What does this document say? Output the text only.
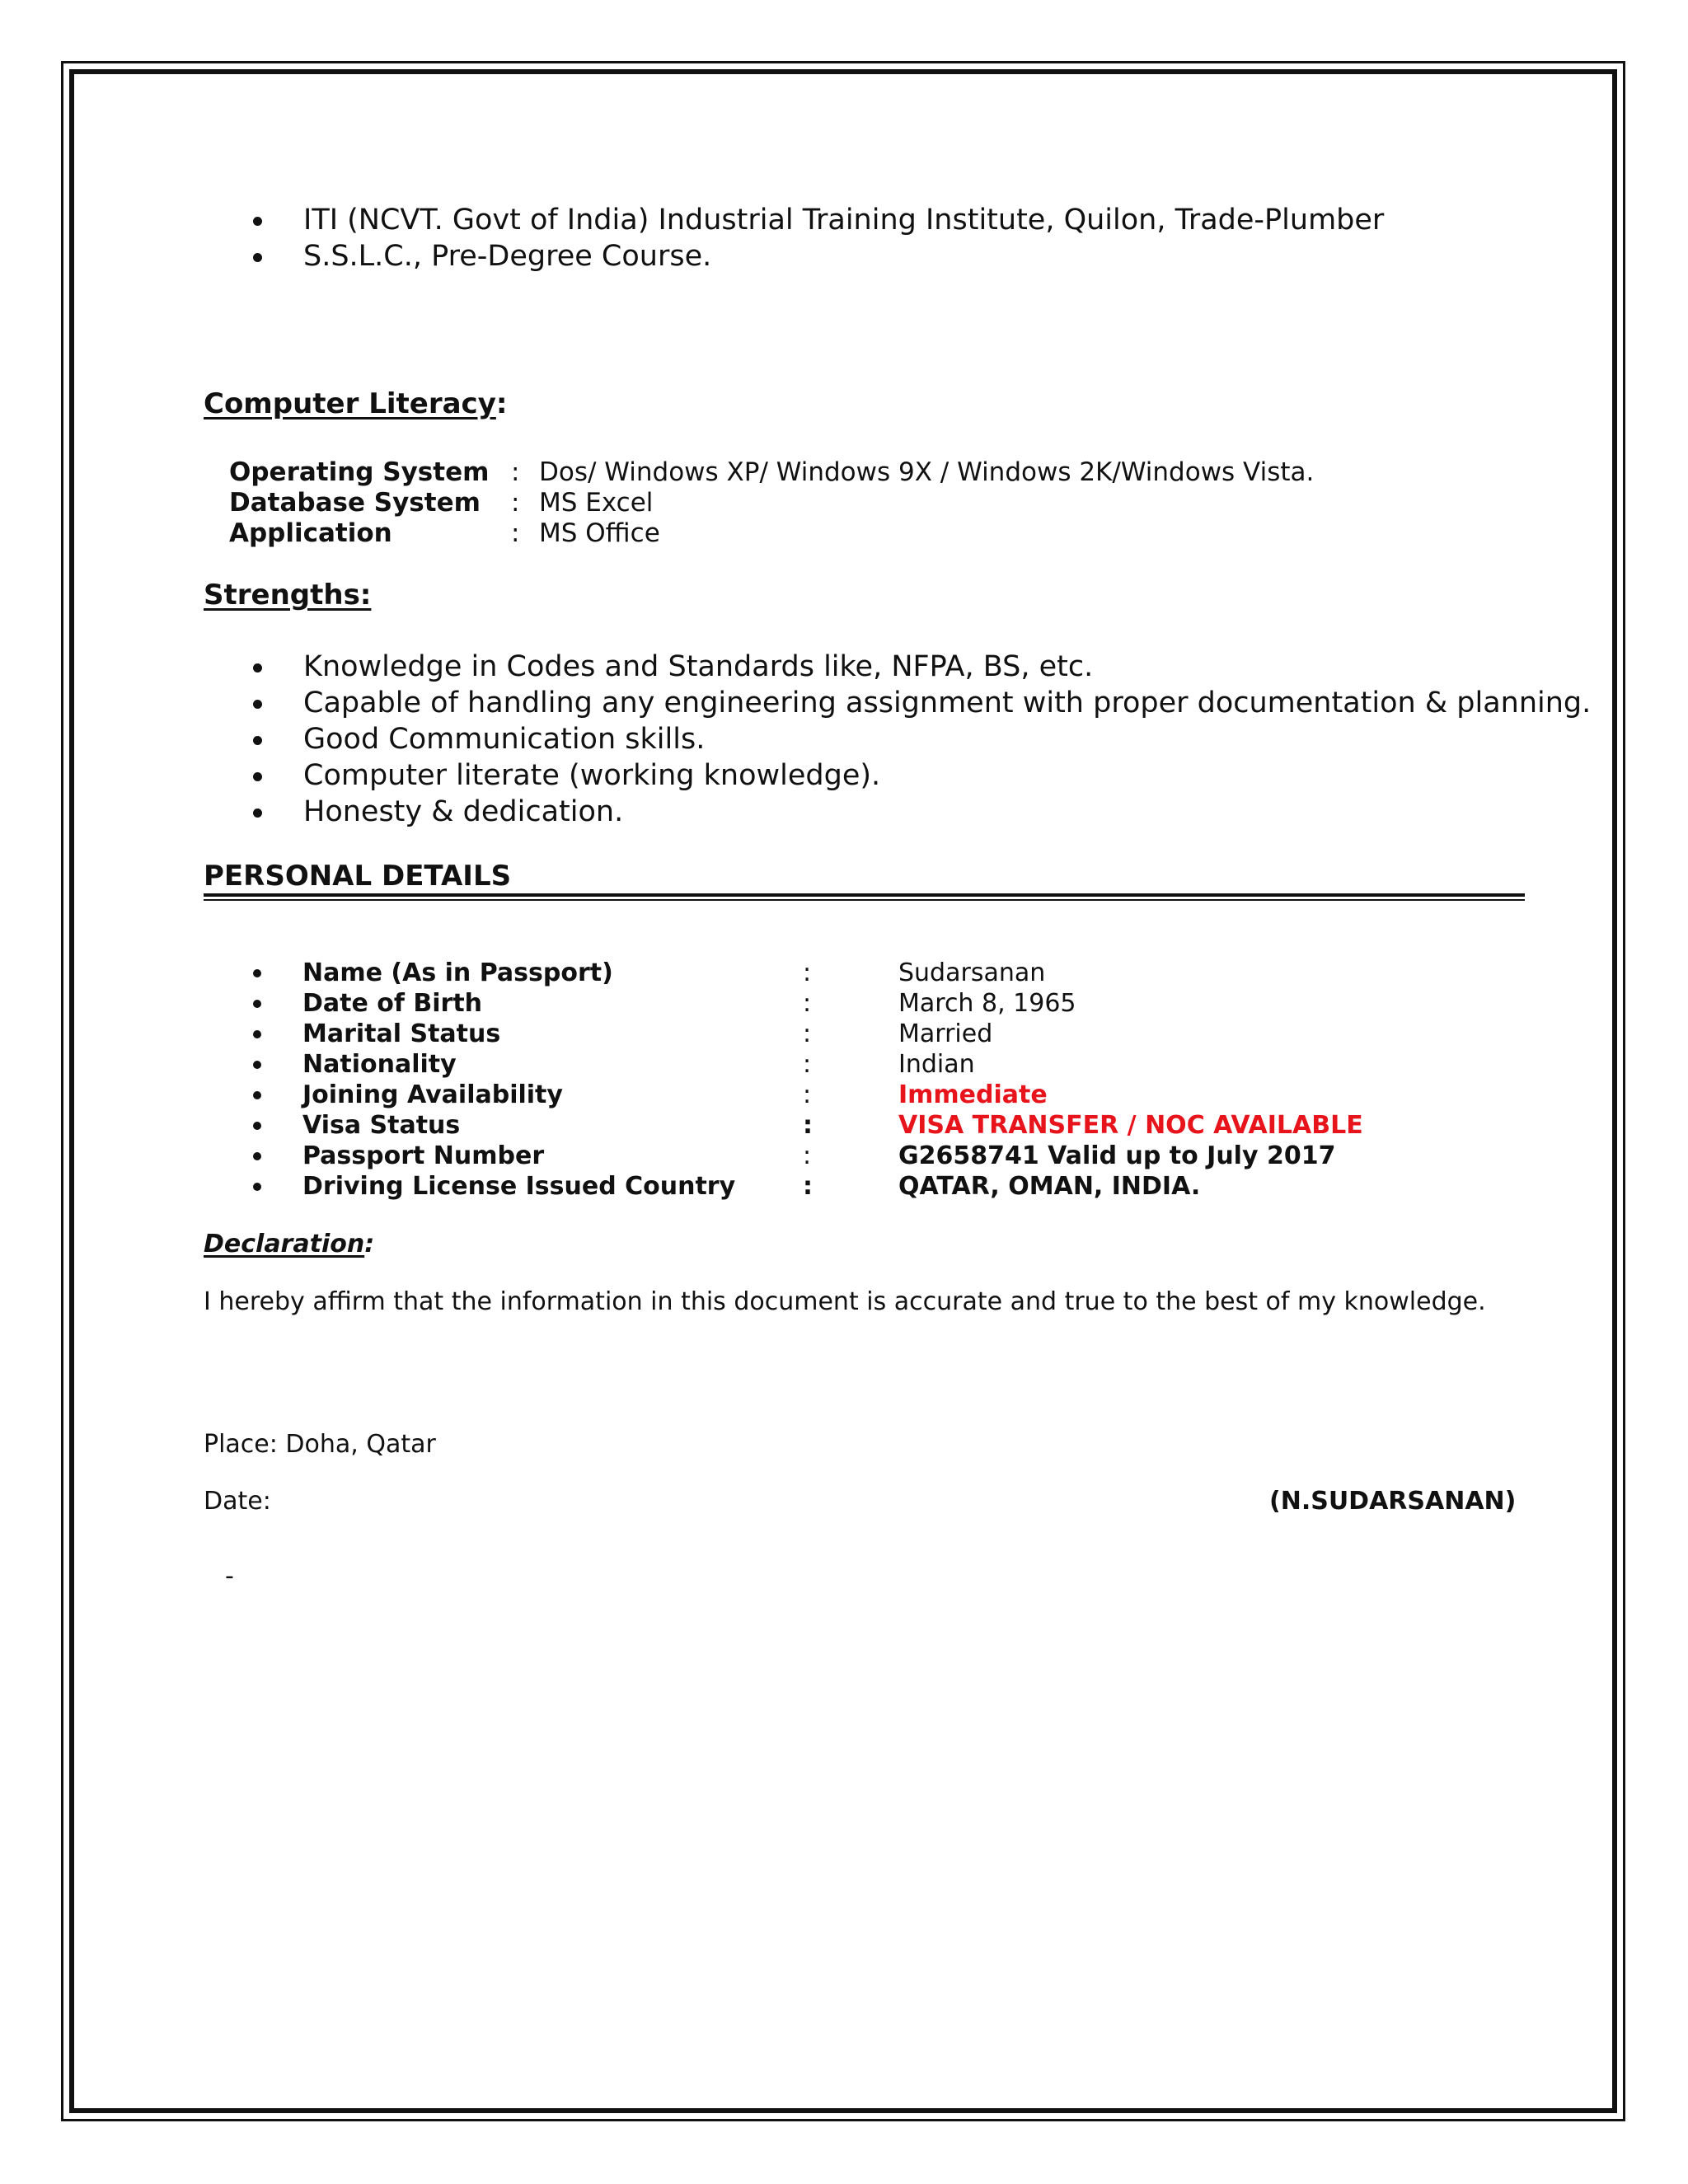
ITI (NCVT. Govt of India) Industrial Training Institute, Quilon, Trade-Plumber
S.S.L.C., Pre-Degree Course.
Computer Literacy:
Operating System : Dos/ Windows XP/ Windows 9X / Windows 2K/Windows Vista.
Database System : MS Excel
Application	: MS Office
Strengths:
Knowledge in Codes and Standards like, NFPA, BS, etc.
Capable of handling any engineering assignment with proper documentation & planning.
Good Communication skills.
Computer literate (working knowledge).
Honesty & dedication.
PERSONAL DETAILS
Name (As in Passport)	:	Sudarsanan
Date of Birth	:	March 8, 1965
Marital Status	:	Married
Nationality	:	Indian
Joining Availability	:	Immediate
Visa Status	:	VISA TRANSFER / NOC AVAILABLE
Passport Number	:	G2658741 Valid up to July 2017
Driving License Issued Country	:	QATAR, OMAN, INDIA.
Declaration:
I hereby affirm that the information in this document is accurate and true to the best of my knowledge.
Place: Doha, Qatar
Date:	(N.SUDARSANAN)
-
